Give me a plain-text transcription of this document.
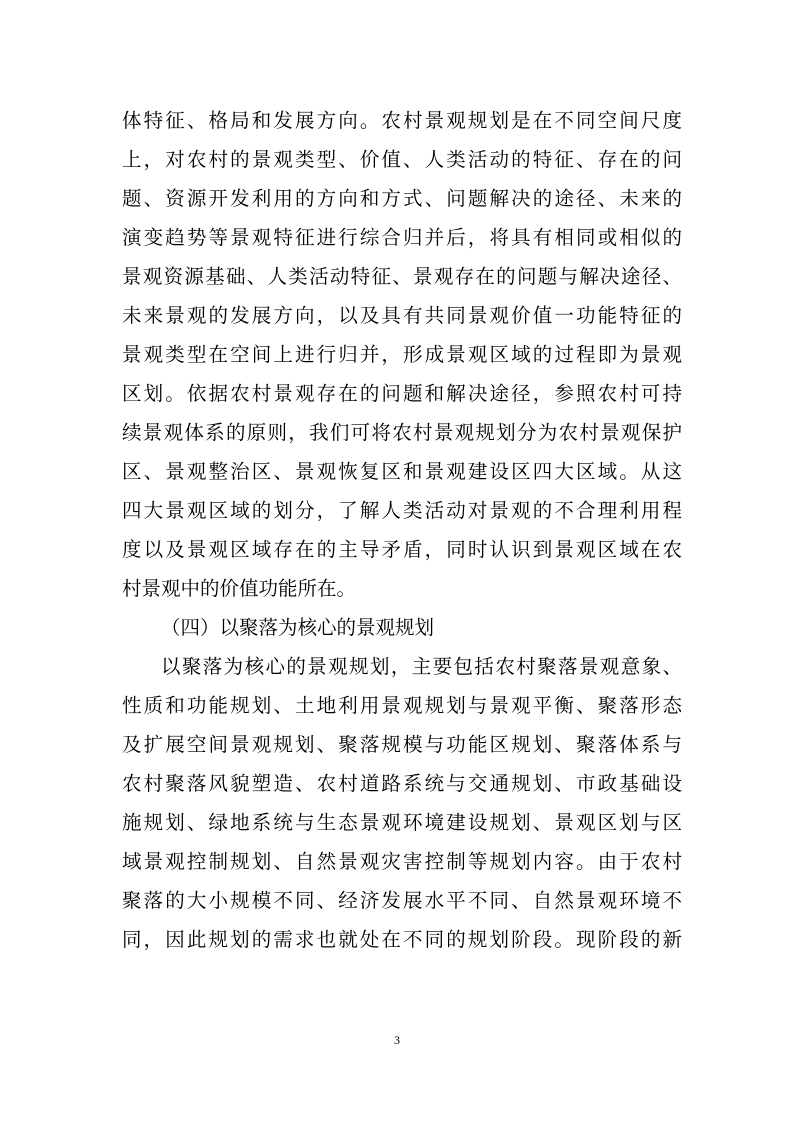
体特征、格局和发展方向。农村景观规划是在不同空间尺度
上，对农村的景观类型、价值、人类活动的特征、存在的问
题、资源开发利用的方向和方式、问题解决的途径、未来的
演变趋势等景观特征进行综合归并后，将具有相同或相似的
景观资源基础、人类活动特征、景观存在的问题与解决途径、
未来景观的发展方向，以及具有共同景观价值一功能特征的
景观类型在空间上进行归并，形成景观区域的过程即为景观
区划。依据农村景观存在的问题和解决途径，参照农村可持
续景观体系的原则，我们可将农村景观规划分为农村景观保护
区、景观整治区、景观恢复区和景观建设区四大区域。从这
四大景观区域的划分，了解人类活动对景观的不合理利用程
度以及景观区域存在的主导矛盾，同时认识到景观区域在农
村景观中的价值功能所在。
（四）以聚落为核心的景观规划
以聚落为核心的景观规划，主要包括农村聚落景观意象、
性质和功能规划、土地利用景观规划与景观平衡、聚落形态
及扩展空间景观规划、聚落规模与功能区规划、聚落体系与
农村聚落风貌塑造、农村道路系统与交通规划、市政基础设
施规划、绿地系统与生态景观环境建设规划、景观区划与区
域景观控制规划、自然景观灾害控制等规划内容。由于农村
聚落的大小规模不同、经济发展水平不同、自然景观环境不
同，因此规划的需求也就处在不同的规划阶段。现阶段的新
3
